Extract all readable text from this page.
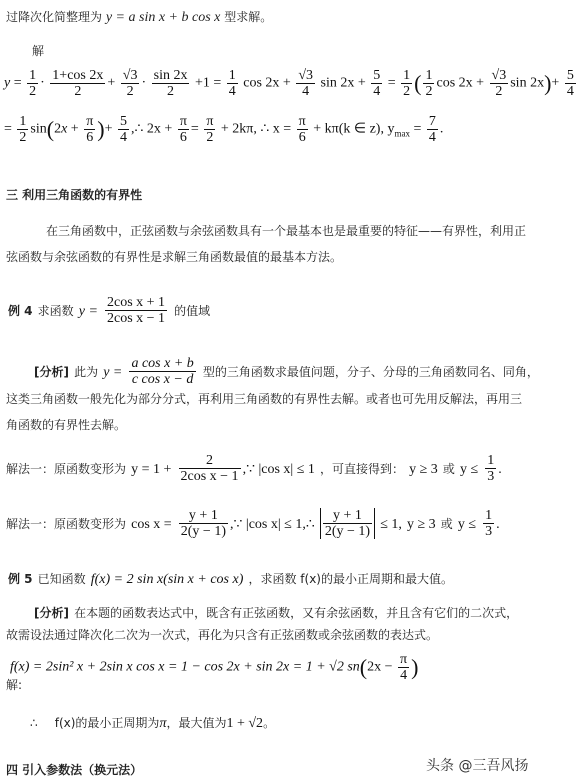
过降次化简整理为 y = a sin x + b cos x 型求解。
解
$y = \frac{1}{2} \cdot \frac{1+\cos 2x}{2} + \frac{√3}{2} \cdot \frac{\sin 2x}{2} +1 = \frac{1}{4}$ $\cos 2x + \frac{√3}{4}$ $\sin 2x + \frac{5}{4} = \frac{1}{2}$ ( $\frac{1}{2}$ $\cos 2x + \frac{√3}{2}$ $\sin 2x)+ \frac{5}{4}$
= $\frac{1}{2} \sin(2x + \frac{\pi}{6}$ )+ $\frac{5}{4}$ ,∴ $2x + \frac{\pi}{6} = \frac{\pi}{2} + 2k\pi$, ∴ $x = \frac{\pi}{6} + k\pi(k$ ∈ z), $y_{max} = \frac{7}{4}$ .
三 利用三角函数的有界性
在三角函数中，正弦函数与余弦函数具有一个最基本也是最重要的特征——有界性，利用正
弦函数与余弦函数的有界性是求解三角函数最值的最基本方法。
例 4 求函数 $y = \frac{\text{2cos x + 1}}{\text{2cos x − 1}}$ 的值域
[分析] 此为 $y = \frac{\text{a cos x + b}}{\text{c cos x − d}}$ 型的三角函数求最值问题，分子、分母的三角函数同名、同角，
这类三角函数一般先化为部分分式，再利用三角函数的有界性去解。或者也可先用反解法，再用三
角函数的有界性去解。
解法一：原函数变形为 $y = 1 + \frac{2}{\text{2cos x − 1}}$ ,∵ |cos x| ≤ 1 ，可直接得到： y ≥ 3 或 $y \le \frac{1}{3}$ .
解法一：原函数变形为 $\cos x = \frac{y + 1}{2(y - 1)}$ ,∵ |cos x| ≤ 1,∴ $\frac{y + 1}{2(y - 1)} \le 1$, y ≥ 3 或 $y \le \frac{1}{3}$ .
例 5 已知函数 f(x) = 2 sin x(sin x + cos x) ，求函数 f(x)的最小正周期和最大值。
[分析] 在本题的函数表达式中，既含有正弦函数，又有余弦函数，并且含有它们的二次式，
故需设法通过降次化二次为一次式，再化为只含有正弦函数或余弦函数的表达式。
f(x) = 2sin² x + 2sin x cos x = 1 − cos 2x + sin 2x = 1 + √2 $sn(2x - \frac{\pi}{4}$ )
解:
∴ f(x)的最小正周期为π，最大值为1 + √2。
四 引入参数法（换元法）	头条 @三吾风扬
